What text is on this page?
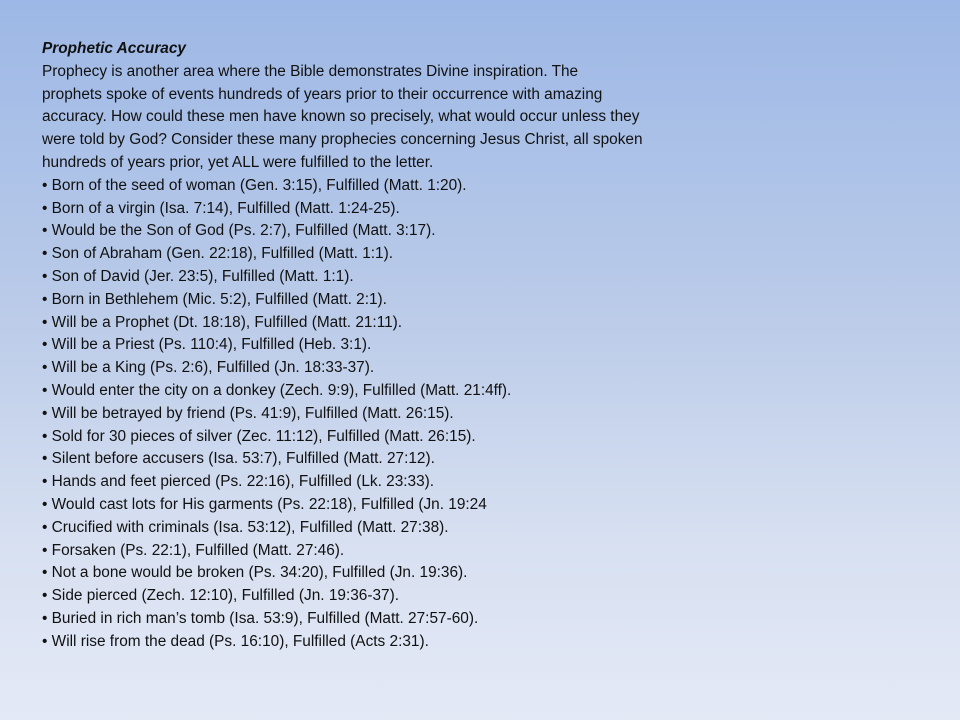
Prophetic Accuracy
Prophecy is another area where the Bible demonstrates Divine inspiration. The
prophets spoke of events hundreds of years prior to their occurrence with amazing
accuracy. How could these men have known so precisely, what would occur unless they
were told by God? Consider these many prophecies concerning Jesus Christ, all spoken
hundreds of years prior, yet ALL were fulfilled to the letter.
• Born of the seed of woman (Gen. 3:15), Fulfilled (Matt. 1:20).
• Born of a virgin (Isa. 7:14), Fulfilled (Matt. 1:24-25).
• Would be the Son of God (Ps. 2:7), Fulfilled (Matt. 3:17).
• Son of Abraham (Gen. 22:18), Fulfilled (Matt. 1:1).
• Son of David (Jer. 23:5), Fulfilled (Matt. 1:1).
• Born in Bethlehem (Mic. 5:2), Fulfilled (Matt. 2:1).
• Will be a Prophet (Dt. 18:18), Fulfilled (Matt. 21:11).
• Will be a Priest (Ps. 110:4), Fulfilled (Heb. 3:1).
• Will be a King (Ps. 2:6), Fulfilled (Jn. 18:33-37).
• Would enter the city on a donkey (Zech. 9:9), Fulfilled (Matt. 21:4ff).
• Will be betrayed by friend (Ps. 41:9), Fulfilled (Matt. 26:15).
• Sold for 30 pieces of silver (Zec. 11:12), Fulfilled (Matt. 26:15).
• Silent before accusers (Isa. 53:7), Fulfilled (Matt. 27:12).
• Hands and feet pierced (Ps. 22:16), Fulfilled (Lk. 23:33).
• Would cast lots for His garments (Ps. 22:18), Fulfilled (Jn. 19:24
• Crucified with criminals (Isa. 53:12), Fulfilled (Matt. 27:38).
• Forsaken (Ps. 22:1), Fulfilled (Matt. 27:46).
• Not a bone would be broken (Ps. 34:20), Fulfilled (Jn. 19:36).
• Side pierced (Zech. 12:10), Fulfilled (Jn. 19:36-37).
• Buried in rich man’s tomb (Isa. 53:9), Fulfilled (Matt. 27:57-60).
• Will rise from the dead (Ps. 16:10), Fulfilled (Acts 2:31).
